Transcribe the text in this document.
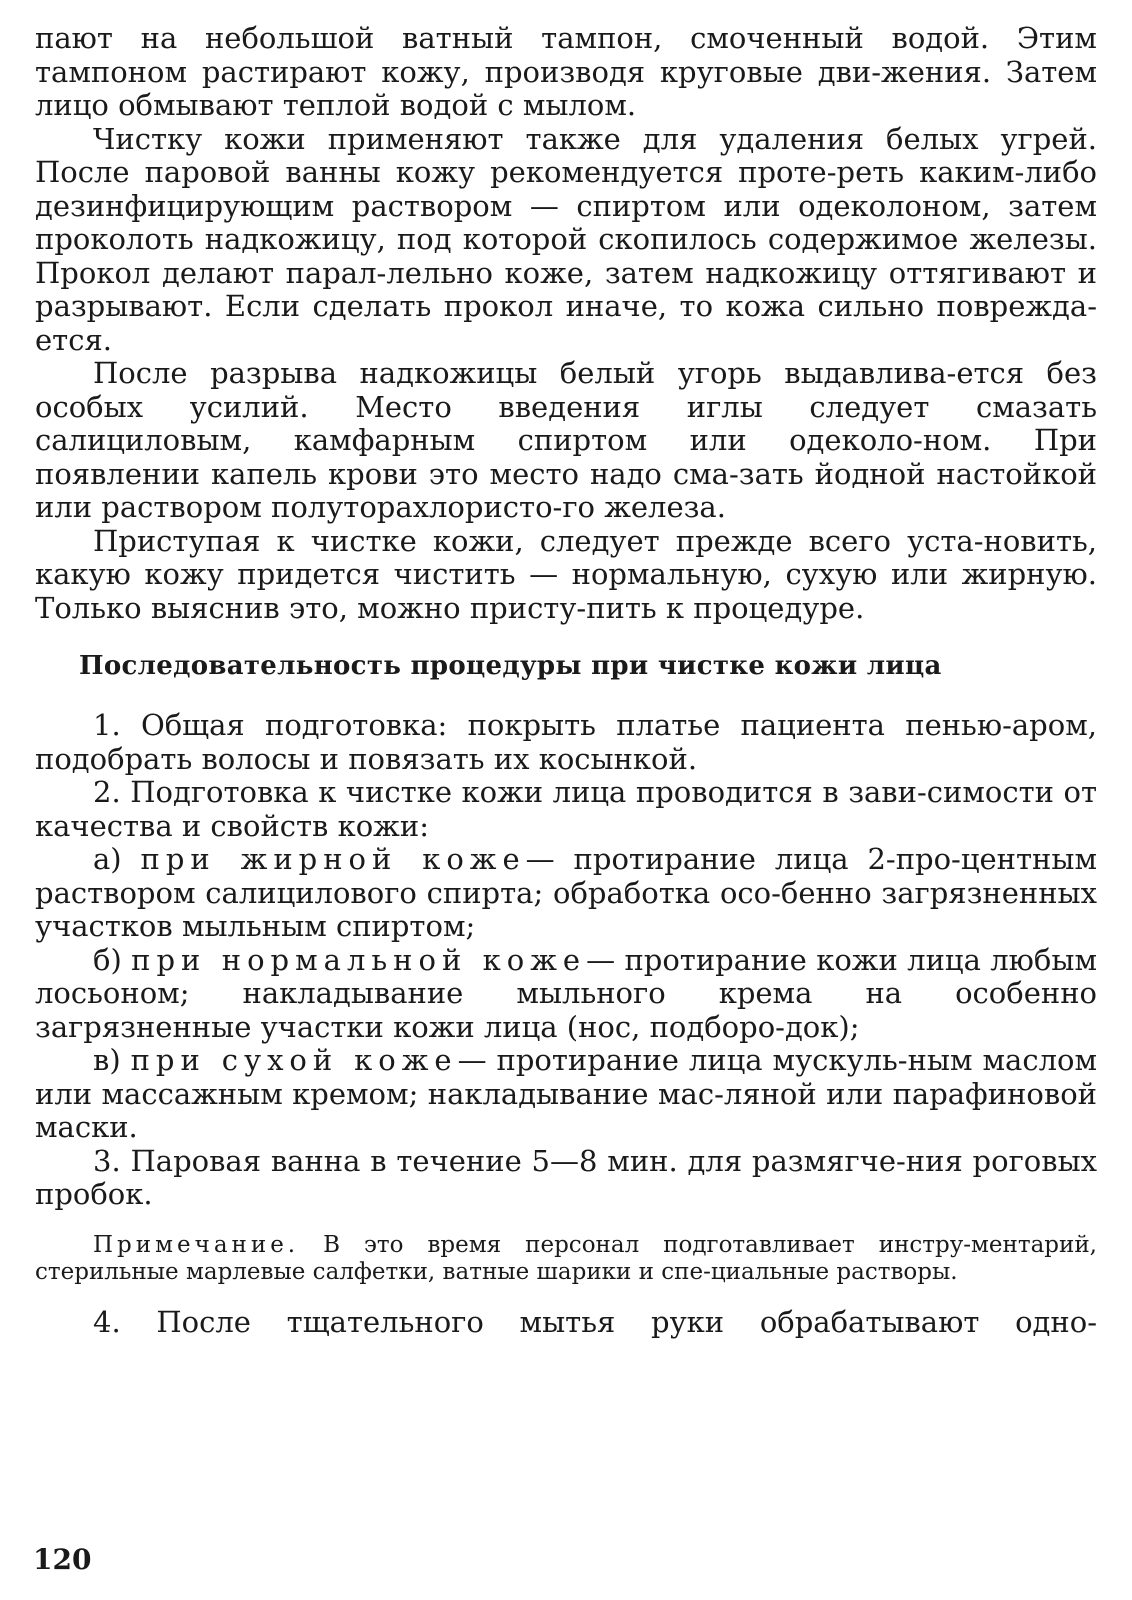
пают на небольшой ватный тампон, смоченный водой. Этим тампоном растирают кожу, производя круговые дви-жения. Затем лицо обмывают теплой водой с мылом.

Чистку кожи применяют также для удаления белых угрей. После паровой ванны кожу рекомендуется проте-реть каким-либо дезинфицирующим раствором — спиртом или одеколоном, затем проколоть надкожицу, под которой скопилось содержимое железы. Прокол делают парал-лельно коже, затем надкожицу оттягивают и разрывают. Если сделать прокол иначе, то кожа сильно поврежда-ется.

После разрыва надкожицы белый угорь выдавлива-ется без особых усилий. Место введения иглы следует смазать салициловым, камфарным спиртом или одеколо-ном. При появлении капель крови это место надо сма-зать йодной настойкой или раствором полуторахлористо-го железа.

Приступая к чистке кожи, следует прежде всего уста-новить, какую кожу придется чистить — нормальную, сухую или жирную. Только выяснив это, можно присту-пить к процедуре.

Последовательность процедуры при чистке кожи лица

1. Общая подготовка: покрыть платье пациента пенью-аром, подобрать волосы и повязать их косынкой.

2. Подготовка к чистке кожи лица проводится в зави-симости от качества и свойств кожи:

а) при жирной коже— протирание лица 2-про-центным раствором салицилового спирта; обработка осо-бенно загрязненных участков мыльным спиртом;

б) при нормальной коже— протирание кожи лица любым лосьоном; накладывание мыльного крема на особенно загрязненные участки кожи лица (нос, подборо-док);

в) при сухой коже— протирание лица мускуль-ным маслом или массажным кремом; накладывание мас-ляной или парафиновой маски.

3. Паровая ванна в течение 5—8 мин. для размягче-ния роговых пробок.

Примечание. В это время персонал подготавливает инстру-ментарий, стерильные марлевые салфетки, ватные шарики и спе-циальные растворы.

4. После тщательного мытья руки обрабатывают одно-

120
